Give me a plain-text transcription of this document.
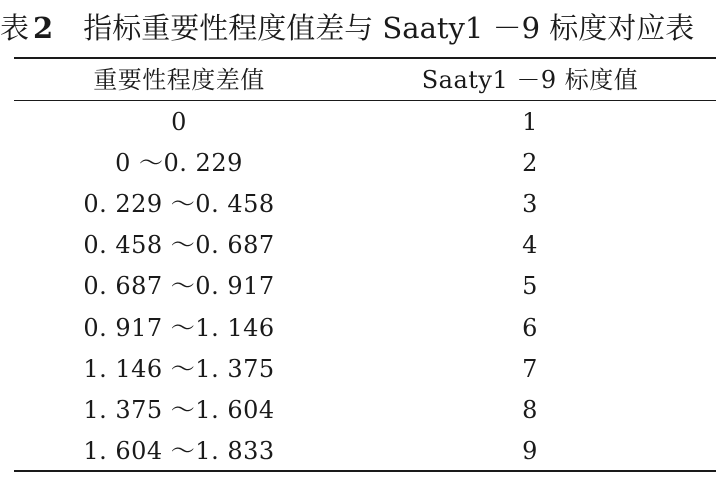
表 2 指标重要性程度值差与 Saaty1 －9 标度对应表
重要性程度差值	Saaty1 －9 标度值
0	1
0 ～0. 229	2
0. 229 ～0. 458	3
0. 458 ～0. 687	4
0. 687 ～0. 917	5
0. 917 ～1. 146	6
1. 146 ～1. 375	7
1. 375 ～1. 604	8
1. 604 ～1. 833	9
